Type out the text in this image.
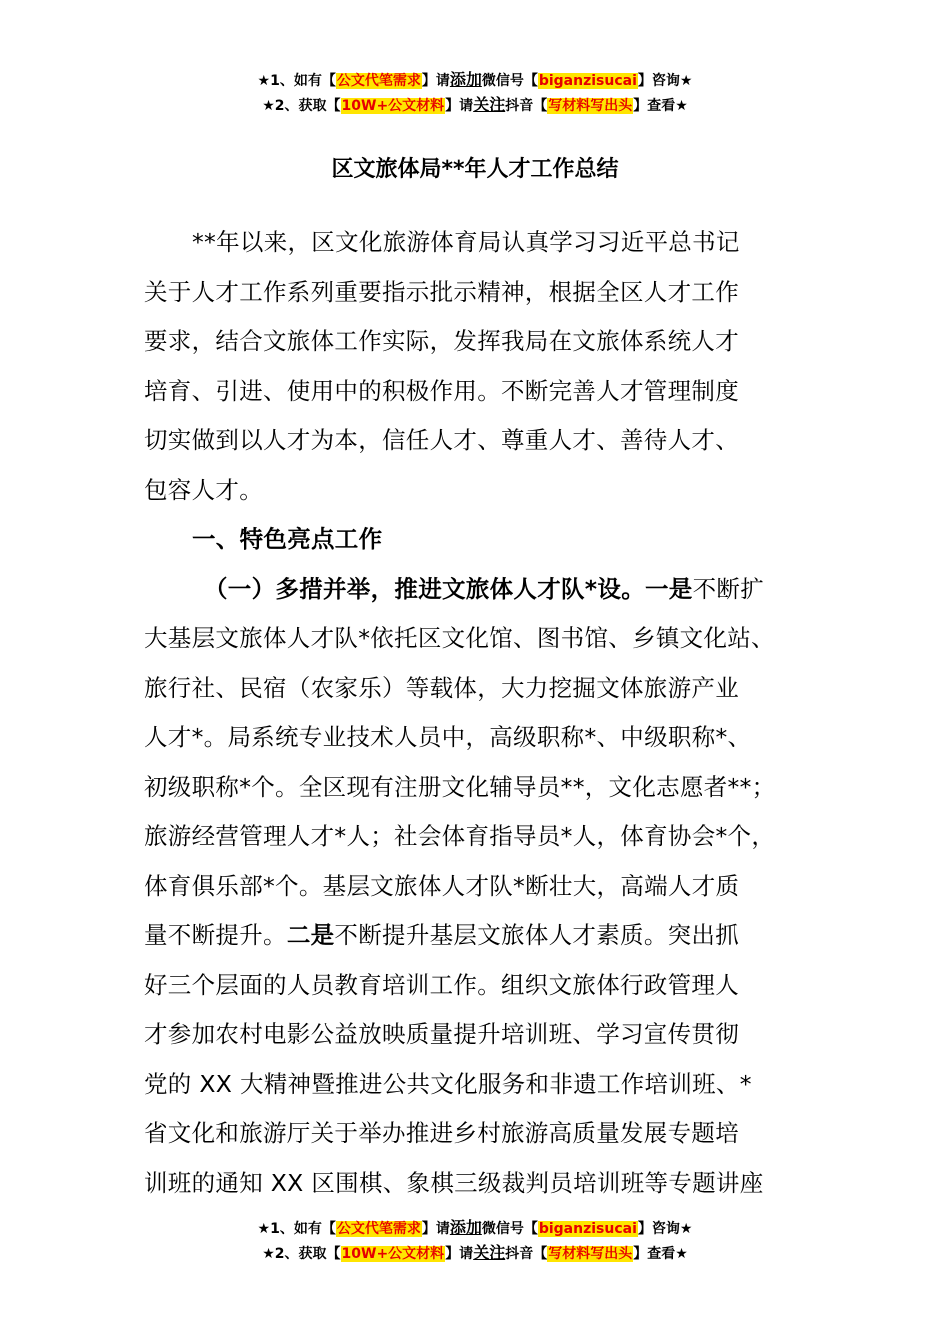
★1、如有【公文代笔需求】请添加微信号【biganzisucai】咨询★
★2、获取【10W+公文材料】请关注抖音【写材料写出头】查看★
区文旅体局**年人才工作总结
**年以来，区文化旅游体育局认真学习习近平总书记
关于人才工作系列重要指示批示精神，根据全区人才工作
要求，结合文旅体工作实际，发挥我局在文旅体系统人才
培育、引进、使用中的积极作用。不断完善人才管理制度
切实做到以人才为本，信任人才、尊重人才、善待人才、
包容人才。
一、特色亮点工作
（一）多措并举，推进文旅体人才队*设。一是不断扩
大基层文旅体人才队*依托区文化馆、图书馆、乡镇文化站、
旅行社、民宿（农家乐）等载体，大力挖掘文体旅游产业
人才*。局系统专业技术人员中，高级职称*、中级职称*、
初级职称*个。全区现有注册文化辅导员**，文化志愿者**；
旅游经营管理人才*人；社会体育指导员*人，体育协会*个，
体育俱乐部*个。基层文旅体人才队*断壮大，高端人才质
量不断提升。二是不断提升基层文旅体人才素质。突出抓
好三个层面的人员教育培训工作。组织文旅体行政管理人
才参加农村电影公益放映质量提升培训班、学习宣传贯彻
党的 XX 大精神暨推进公共文化服务和非遗工作培训班、*
省文化和旅游厅关于举办推进乡村旅游高质量发展专题培
训班的通知 XX 区围棋、象棋三级裁判员培训班等专题讲座
★1、如有【公文代笔需求】请添加微信号【biganzisucai】咨询★
★2、获取【10W+公文材料】请关注抖音【写材料写出头】查看★
